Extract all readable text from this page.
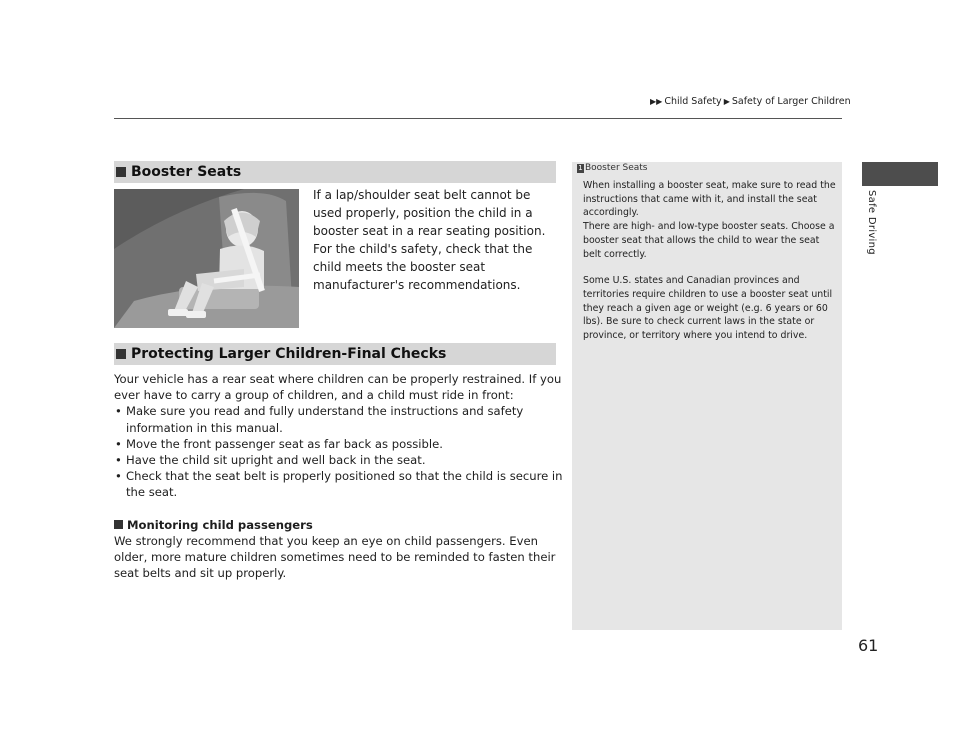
▶▶ Child Safety ▶ Safety of Larger Children
Safe Driving
Booster Seats
If a lap/shoulder seat belt cannot be used properly, position the child in a booster seat in a rear seating position. For the child's safety, check that the child meets the booster seat manufacturer's recommendations.
Protecting Larger Children-Final Checks

Your vehicle has a rear seat where children can be properly restrained. If you ever have to carry a group of children, and a child must ride in front:

• Make sure you read and fully understand the instructions and safety information in this manual.
• Move the front passenger seat as far back as possible.
• Have the child sit upright and well back in the seat.
• Check that the seat belt is properly positioned so that the child is secure in the seat.

Monitoring child passengers

We strongly recommend that you keep an eye on child passengers. Even older, more mature children sometimes need to be reminded to fasten their seat belts and sit up properly.

1 Booster Seats

When installing a booster seat, make sure to read the instructions that came with it, and install the seat accordingly.

There are high- and low-type booster seats. Choose a booster seat that allows the child to wear the seat belt correctly.

Some U.S. states and Canadian provinces and territories require children to use a booster seat until they reach a given age or weight (e.g. 6 years or 60 lbs). Be sure to check current laws in the state or province, or territory where you intend to drive.

61
